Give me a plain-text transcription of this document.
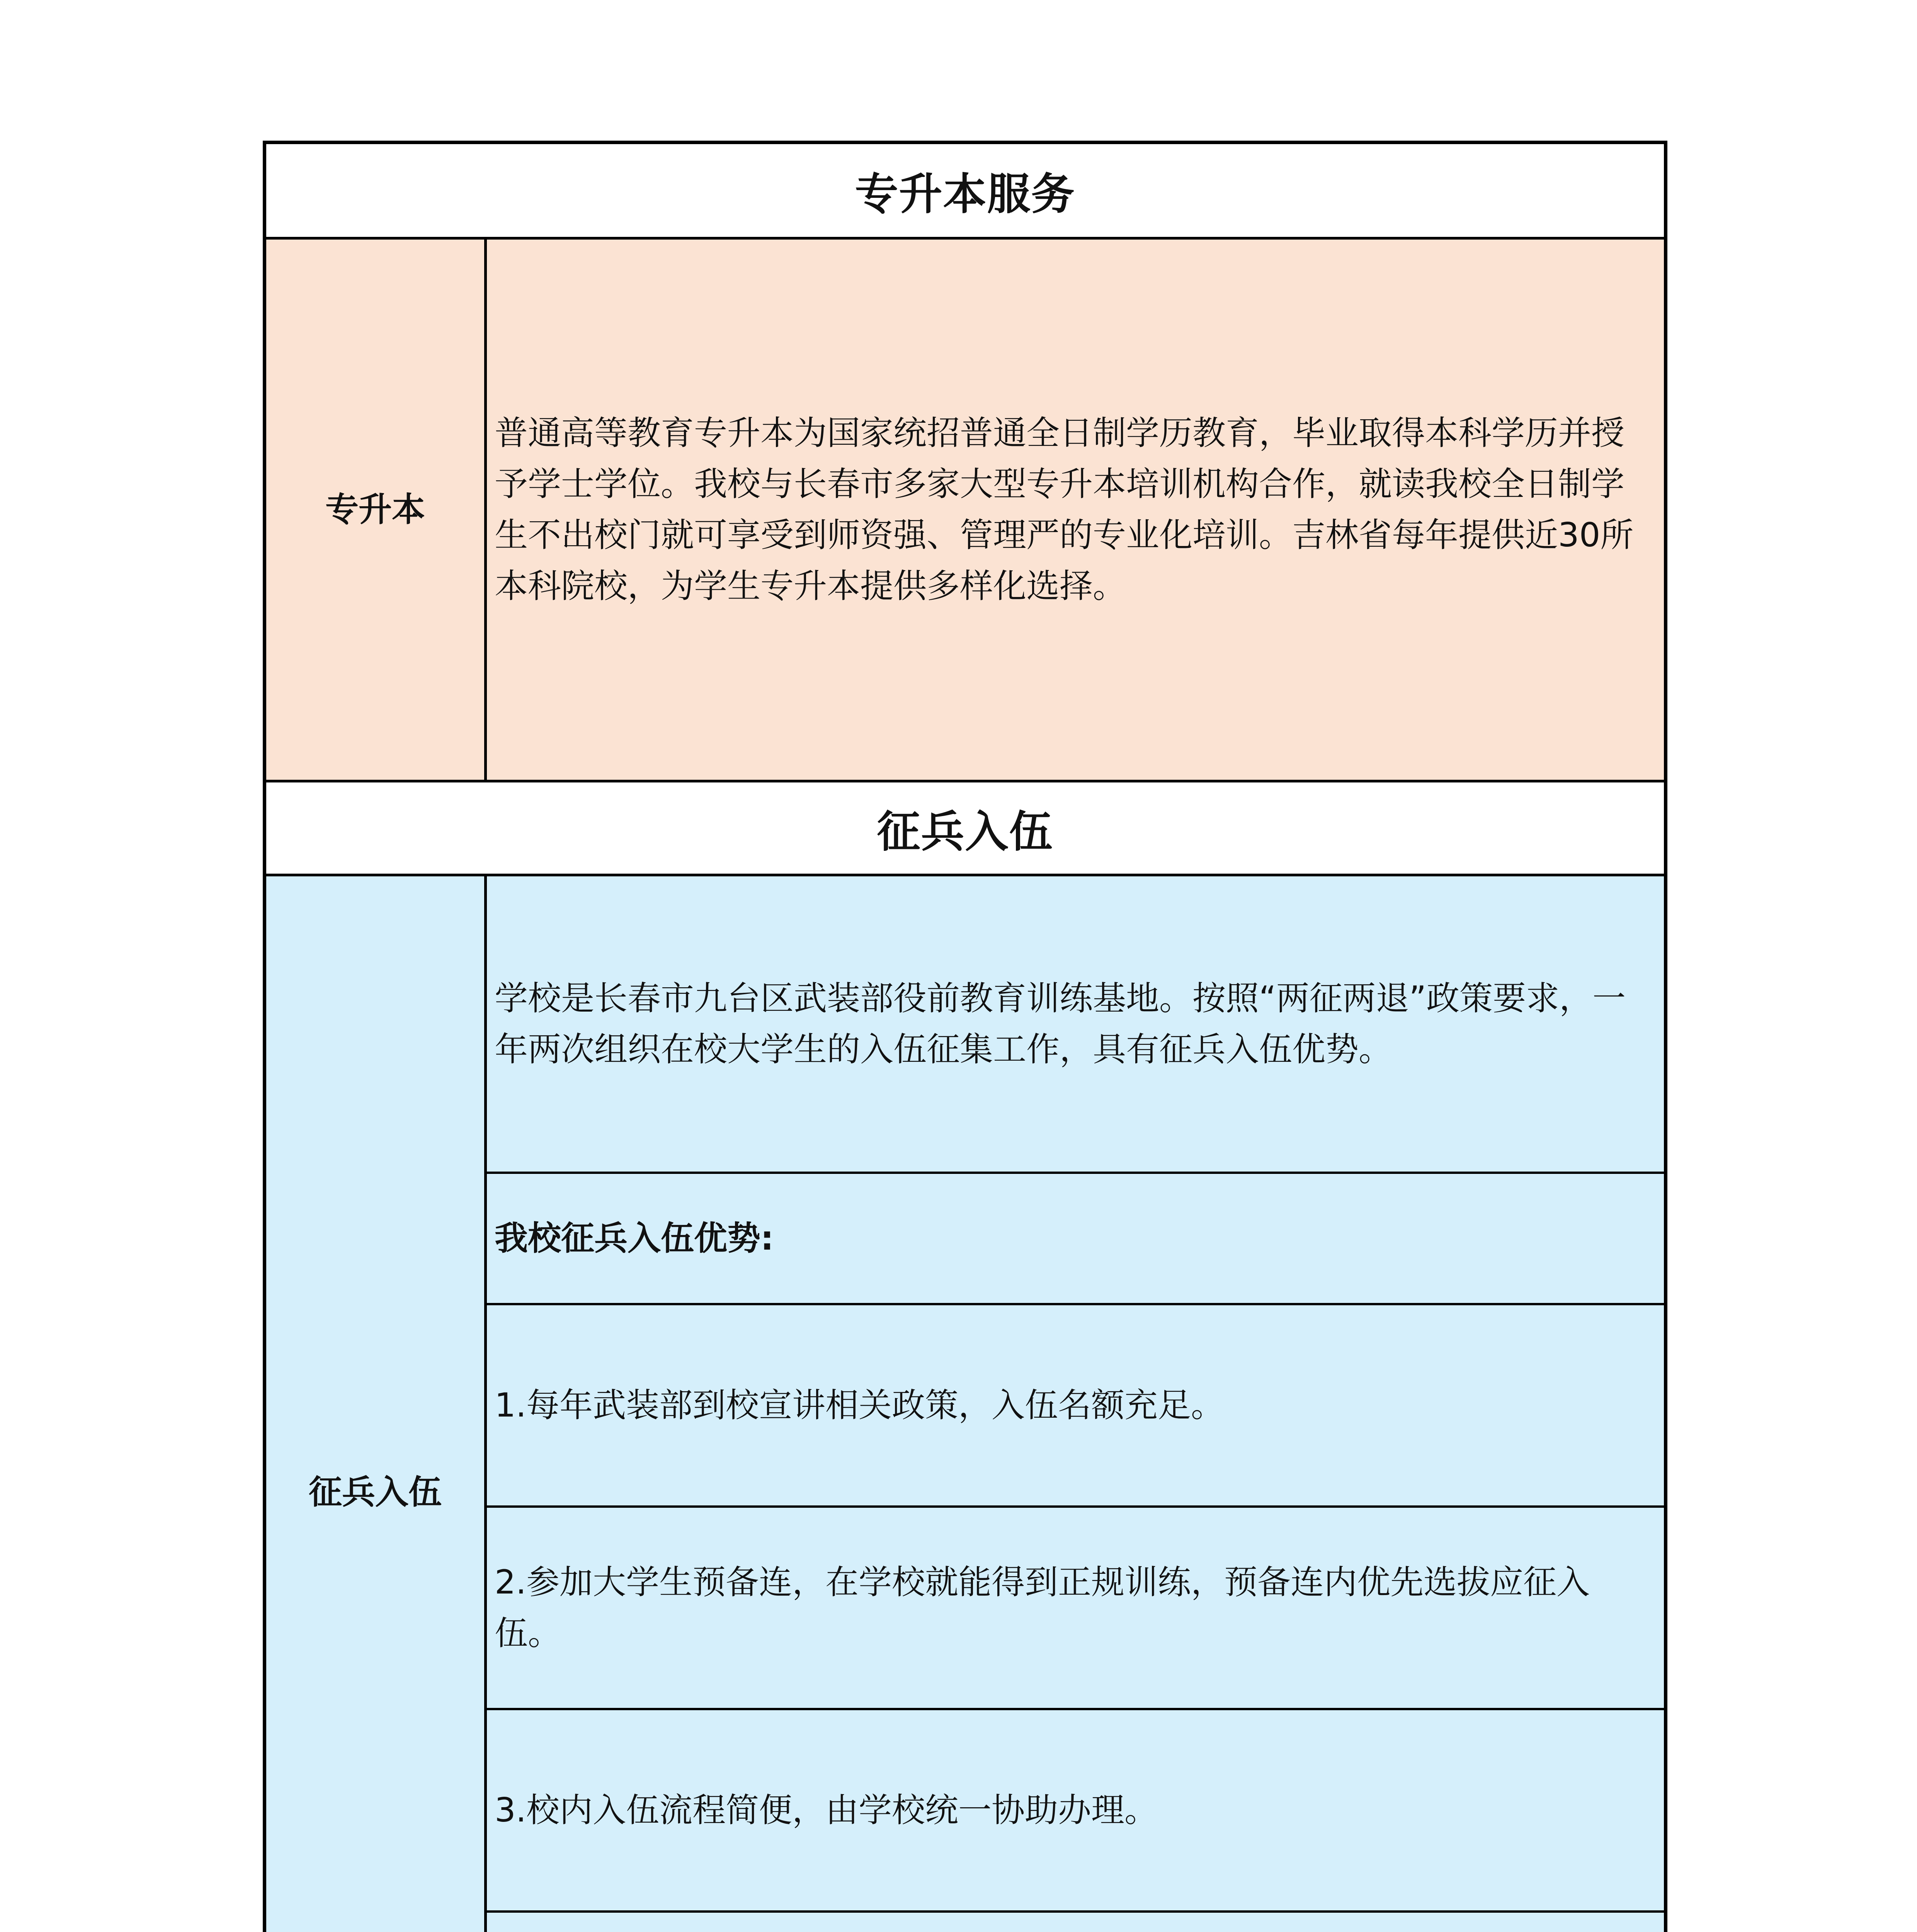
专升本服务
专升本
普通高等教育专升本为国家统招普通全日制学历教育，毕业取得本科学历并授予学士学位。我校与长春市多家大型专升本培训机构合作，就读我校全日制学生不出校门就可享受到师资强、管理严的专业化培训。吉林省每年提供近30所本科院校，为学生专升本提供多样化选择。
征兵入伍
征兵入伍
学校是长春市九台区武装部役前教育训练基地。按照“两征两退”政策要求，一年两次组织在校大学生的入伍征集工作，具有征兵入伍优势。
我校征兵入伍优势:
1.每年武装部到校宣讲相关政策，入伍名额充足。
2.参加大学生预备连，在学校就能得到正规训练，预备连内优先选拔应征入伍。
3.校内入伍流程简便，由学校统一协助办理。
